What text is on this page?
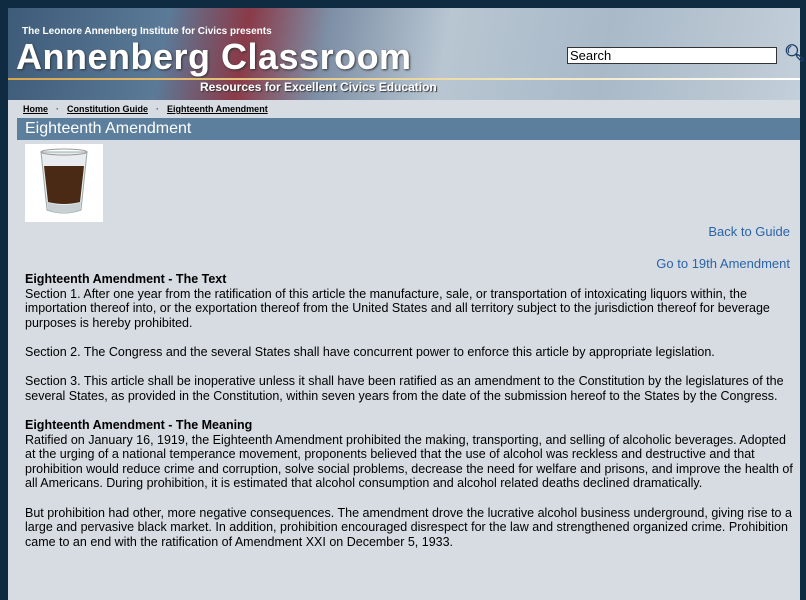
The Leonore Annenberg Institute for Civics presents
Annenberg Classroom
Resources for Excellent Civics Education
Search
🔍︎
Home · Constitution Guide · Eighteenth Amendment
Eighteenth Amendment
Back to Guide
Go to 19th Amendment
Eighteenth Amendment - The Text

Section 1. After one year from the ratification of this article the manufacture, sale, or transportation of intoxicating liquors within, the importation thereof into, or the exportation thereof from the United States and all territory subject to the jurisdiction thereof for beverage purposes is hereby prohibited.

Section 2. The Congress and the several States shall have concurrent power to enforce this article by appropriate legislation.

Section 3. This article shall be inoperative unless it shall have been ratified as an amendment to the Constitution by the legislatures of the several States, as provided in the Constitution, within seven years from the date of the submission hereof to the States by the Congress.

Eighteenth Amendment - The Meaning

Ratified on January 16, 1919, the Eighteenth Amendment prohibited the making, transporting, and selling of alcoholic beverages. Adopted at the urging of a national temperance movement, proponents believed that the use of alcohol was reckless and destructive and that prohibition would reduce crime and corruption, solve social problems, decrease the need for welfare and prisons, and improve the health of all Americans. During prohibition, it is estimated that alcohol consumption and alcohol related deaths declined dramatically.

But prohibition had other, more negative consequences. The amendment drove the lucrative alcohol business underground, giving rise to a large and pervasive black market. In addition, prohibition encouraged disrespect for the law and strengthened organized crime. Prohibition came to an end with the ratification of Amendment XXI on December 5, 1933.
